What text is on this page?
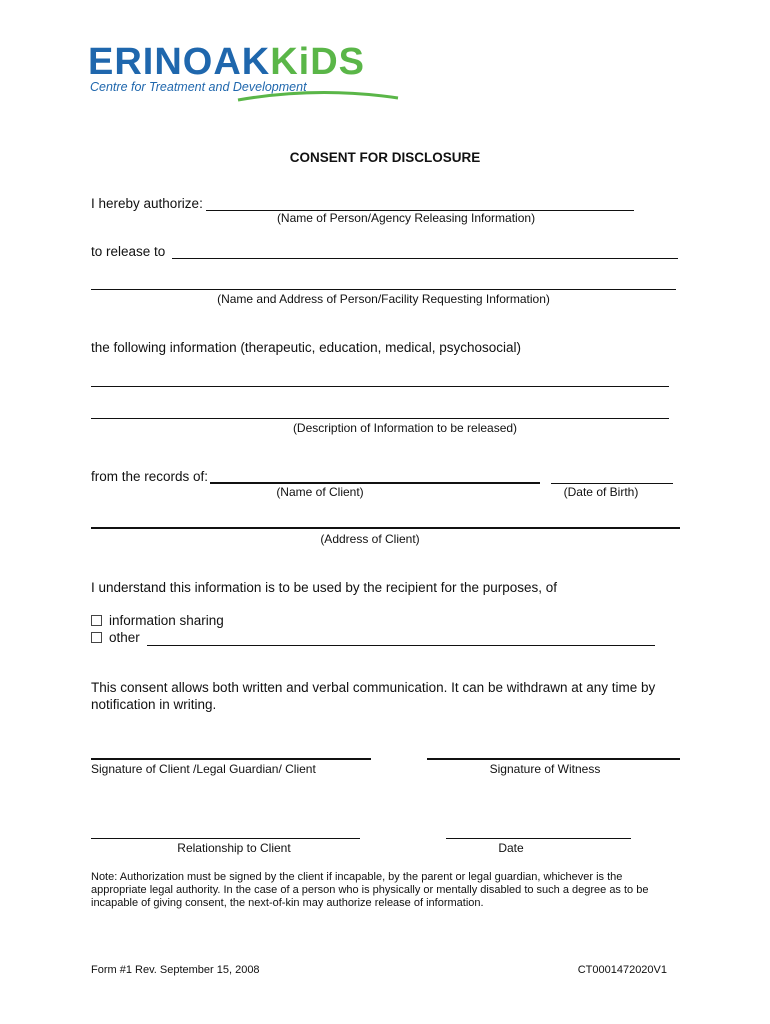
ERINOAKKiDS
Centre for Treatment and Development
CONSENT FOR DISCLOSURE
I hereby authorize:
(Name of Person/Agency Releasing Information)
to release to
(Name and Address of Person/Facility Requesting Information)
the following information (therapeutic, education, medical, psychosocial)
(Description of Information to be released)
from the records of:
(Name of Client)	(Date of Birth)
(Address of Client)
I understand this information is to be used by the recipient for the purposes, of
information sharing
other
This consent allows both written and verbal communication. It can be withdrawn at any time by
notification in writing.
Signature of Client /Legal Guardian/ Client	Signature of Witness
Relationship to Client	Date
Note: Authorization must be signed by the client if incapable, by the parent or legal guardian, whichever is the
appropriate legal authority. In the case of a person who is physically or mentally disabled to such a degree as to be
incapable of giving consent, the next-of-kin may authorize release of information.
Form #1 Rev. September 15, 2008	CT0001472020V1
